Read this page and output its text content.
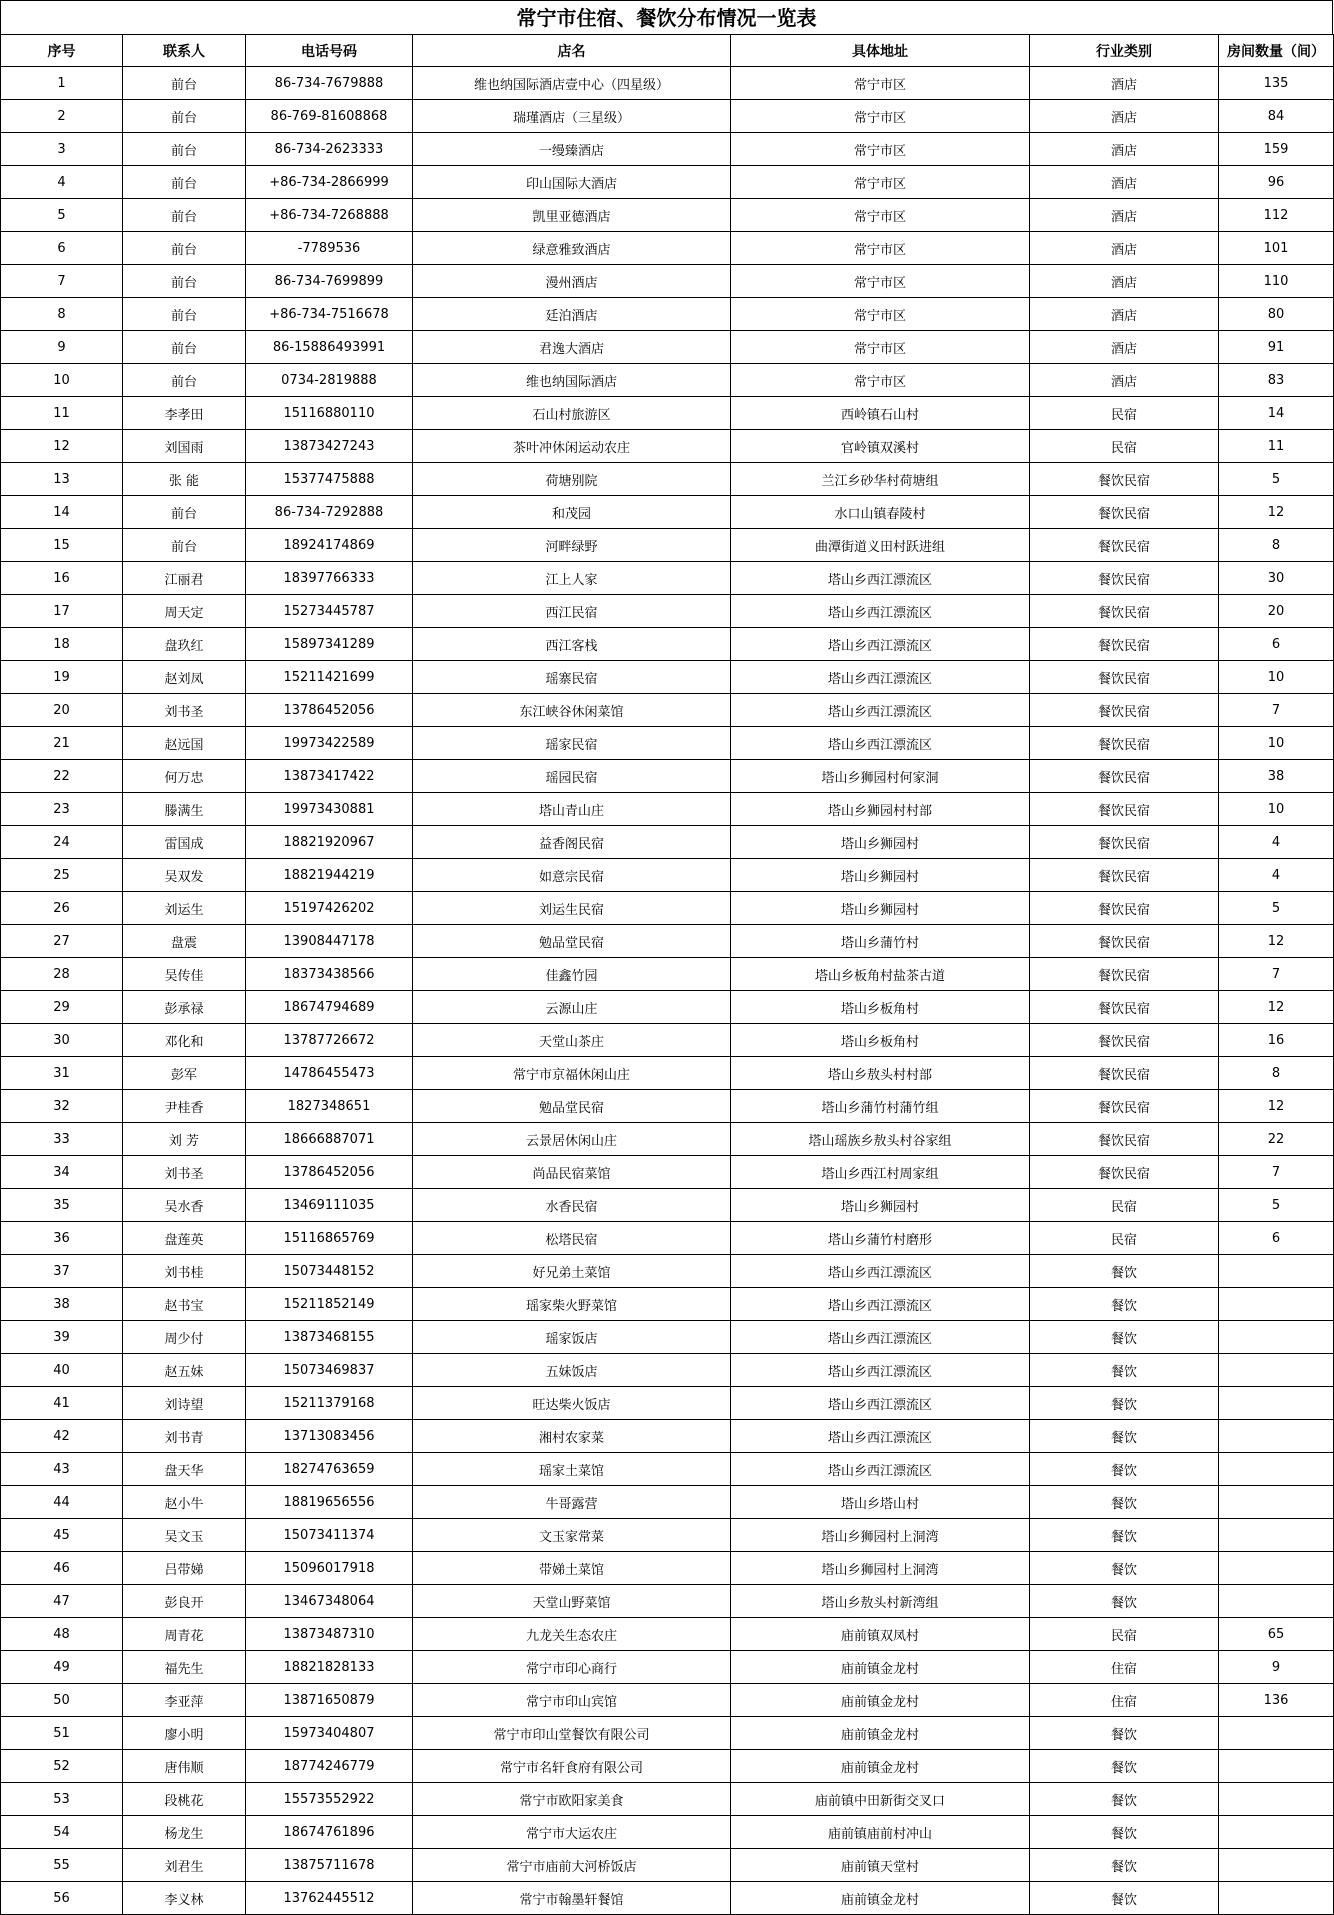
常宁市住宿、餐饮分布情况一览表
序号	联系人	电话号码	店名	具体地址	行业类别	房间数量（间）
1	前台	86-734-7679888	维也纳国际酒店壹中心（四星级）	常宁市区	酒店	135
2	前台	86-769-81608868	瑞瑾酒店（三星级）	常宁市区	酒店	84
3	前台	86-734-2623333	一缦臻酒店	常宁市区	酒店	159
4	前台	+86-734-2866999	印山国际大酒店	常宁市区	酒店	96
5	前台	+86-734-7268888	凯里亚德酒店	常宁市区	酒店	112
6	前台	-7789536	绿意雅致酒店	常宁市区	酒店	101
7	前台	86-734-7699899	漫州酒店	常宁市区	酒店	110
8	前台	+86-734-7516678	廷泊酒店	常宁市区	酒店	80
9	前台	86-15886493991	君逸大酒店	常宁市区	酒店	91
10	前台	0734-2819888	维也纳国际酒店	常宁市区	酒店	83
11	李孝田	15116880110	石山村旅游区	西岭镇石山村	民宿	14
12	刘国雨	13873427243	茶叶冲休闲运动农庄	官岭镇双溪村	民宿	11
13	张 能	15377475888	荷塘别院	兰江乡砂华村荷塘组	餐饮民宿	5
14	前台	86-734-7292888	和茂园	水口山镇春陵村	餐饮民宿	12
15	前台	18924174869	河畔绿野	曲潭街道义田村跃进组	餐饮民宿	8
16	江丽君	18397766333	江上人家	塔山乡西江漂流区	餐饮民宿	30
17	周天定	15273445787	西江民宿	塔山乡西江漂流区	餐饮民宿	20
18	盘玖红	15897341289	西江客栈	塔山乡西江漂流区	餐饮民宿	6
19	赵刘凤	15211421699	瑶寨民宿	塔山乡西江漂流区	餐饮民宿	10
20	刘书圣	13786452056	东江峡谷休闲菜馆	塔山乡西江漂流区	餐饮民宿	7
21	赵远国	19973422589	瑶家民宿	塔山乡西江漂流区	餐饮民宿	10
22	何万忠	13873417422	瑶园民宿	塔山乡狮园村何家洞	餐饮民宿	38
23	滕满生	19973430881	塔山青山庄	塔山乡狮园村村部	餐饮民宿	10
24	雷国成	18821920967	益香阁民宿	塔山乡狮园村	餐饮民宿	4
25	吴双发	18821944219	如意宗民宿	塔山乡狮园村	餐饮民宿	4
26	刘运生	15197426202	刘运生民宿	塔山乡狮园村	餐饮民宿	5
27	盘震	13908447178	勉品堂民宿	塔山乡蒲竹村	餐饮民宿	12
28	吴传佳	18373438566	佳鑫竹园	塔山乡板角村盐茶古道	餐饮民宿	7
29	彭承禄	18674794689	云源山庄	塔山乡板角村	餐饮民宿	12
30	邓化和	13787726672	天堂山茶庄	塔山乡板角村	餐饮民宿	16
31	彭军	14786455473	常宁市京福休闲山庄	塔山乡敖头村村部	餐饮民宿	8
32	尹桂香	1827348651	勉品堂民宿	塔山乡蒲竹村蒲竹组	餐饮民宿	12
33	刘 芳	18666887071	云景居休闲山庄	塔山瑶族乡敖头村谷家组	餐饮民宿	22
34	刘书圣	13786452056	尚品民宿菜馆	塔山乡西江村周家组	餐饮民宿	7
35	吴水香	13469111035	水香民宿	塔山乡狮园村	民宿	5
36	盘莲英	15116865769	松塔民宿	塔山乡蒲竹村磨形	民宿	6
37	刘书桂	15073448152	好兄弟土菜馆	塔山乡西江漂流区	餐饮	
38	赵书宝	15211852149	瑶家柴火野菜馆	塔山乡西江漂流区	餐饮	
39	周少付	13873468155	瑶家饭店	塔山乡西江漂流区	餐饮	
40	赵五妹	15073469837	五妹饭店	塔山乡西江漂流区	餐饮	
41	刘诗望	15211379168	旺达柴火饭店	塔山乡西江漂流区	餐饮	
42	刘书青	13713083456	湘村农家菜	塔山乡西江漂流区	餐饮	
43	盘天华	18274763659	瑶家土菜馆	塔山乡西江漂流区	餐饮	
44	赵小牛	18819656556	牛哥露营	塔山乡塔山村	餐饮	
45	吴文玉	15073411374	文玉家常菜	塔山乡狮园村上洞湾	餐饮	
46	吕带娣	15096017918	带娣土菜馆	塔山乡狮园村上洞湾	餐饮	
47	彭良开	13467348064	天堂山野菜馆	塔山乡敖头村新湾组	餐饮	
48	周青花	13873487310	九龙关生态农庄	庙前镇双凤村	民宿	65
49	福先生	18821828133	常宁市印心商行	庙前镇金龙村	住宿	9
50	李亚萍	13871650879	常宁市印山宾馆	庙前镇金龙村	住宿	136
51	廖小明	15973404807	常宁市印山堂餐饮有限公司	庙前镇金龙村	餐饮	
52	唐伟顺	18774246779	常宁市名轩食府有限公司	庙前镇金龙村	餐饮	
53	段桃花	15573552922	常宁市欧阳家美食	庙前镇中田新街交叉口	餐饮	
54	杨龙生	18674761896	常宁市大运农庄	庙前镇庙前村冲山	餐饮	
55	刘君生	13875711678	常宁市庙前大河桥饭店	庙前镇天堂村	餐饮	
56	李义林	13762445512	常宁市翰墨轩餐馆	庙前镇金龙村	餐饮	
